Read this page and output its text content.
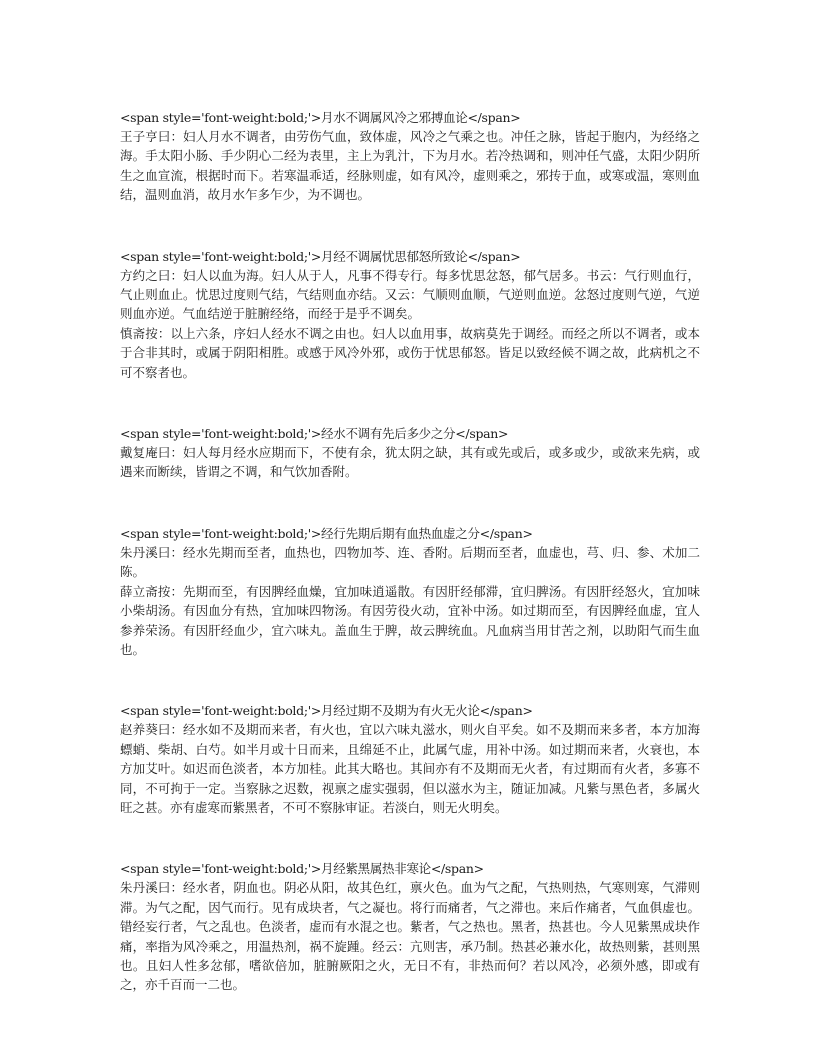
<span style='font-weight:bold;'>月水不调属风冷之邪搏血论</span>

王子亨曰：妇人月水不调者，由劳伤气血，致体虚，风冷之气乘之也。冲任之脉，皆起于胞内，为经络之海。手太阳小肠、手少阴心二经为表里，主上为乳汁，下为月水。若冷热调和，则冲任气盛，太阳少阴所生之血宣流，根据时而下。若寒温乖适，经脉则虚，如有风冷，虚则乘之，邪抟于血，或寒或温，寒则血结，温则血消，故月水乍多乍少，为不调也。

<span style='font-weight:bold;'>月经不调属忧思郁怒所致论</span>

方约之曰：妇人以血为海。妇人从于人，凡事不得专行。每多忧思忿怒，郁气居多。书云：气行则血行，气止则血止。忧思过度则气结，气结则血亦结。又云：气顺则血顺，气逆则血逆。忿怒过度则气逆，气逆则血亦逆。气血结逆于脏腑经络，而经于是乎不调矣。

慎斋按：以上六条，序妇人经水不调之由也。妇人以血用事，故病莫先于调经。而经之所以不调者，或本于合非其时，或属于阴阳相胜。或感于风冷外邪，或伤于忧思郁怒。皆足以致经候不调之故，此病机之不可不察者也。

<span style='font-weight:bold;'>经水不调有先后多少之分</span>

戴复庵曰：妇人每月经水应期而下，不使有余，犹太阴之缺，其有或先或后，或多或少，或欲来先病，或遇来而断续，皆谓之不调，和气饮加香附。

<span style='font-weight:bold;'>经行先期后期有血热血虚之分</span>

朱丹溪曰：经水先期而至者，血热也，四物加芩、连、香附。后期而至者，血虚也，芎、归、参、术加二陈。

薛立斋按：先期而至，有因脾经血燥，宜加味逍遥散。有因肝经郁滞，宜归脾汤。有因肝经怒火，宜加味小柴胡汤。有因血分有热，宜加味四物汤。有因劳役火动，宜补中汤。如过期而至，有因脾经血虚，宜人参养荣汤。有因肝经血少，宜六味丸。盖血生于脾，故云脾统血。凡血病当用甘苦之剂，以助阳气而生血也。

<span style='font-weight:bold;'>月经过期不及期为有火无火论</span>

赵养葵曰：经水如不及期而来者，有火也，宜以六味丸滋水，则火自平矣。如不及期而来多者，本方加海螵蛸、柴胡、白芍。如半月或十日而来，且绵延不止，此属气虚，用补中汤。如过期而来者，火衰也，本方加艾叶。如迟而色淡者，本方加桂。此其大略也。其间亦有不及期而无火者，有过期而有火者，多寡不同，不可拘于一定。当察脉之迟数，视禀之虚实强弱，但以滋水为主，随证加减。凡紫与黑色者，多属火旺之甚。亦有虚寒而紫黑者，不可不察脉审证。若淡白，则无火明矣。

<span style='font-weight:bold;'>月经紫黑属热非寒论</span>

朱丹溪曰：经水者，阴血也。阴必从阳，故其色红，禀火色。血为气之配，气热则热，气寒则寒，气滞则滞。为气之配，因气而行。见有成块者，气之凝也。将行而痛者，气之滞也。来后作痛者，气血俱虚也。错经妄行者，气之乱也。色淡者，虚而有水混之也。紫者，气之热也。黑者，热甚也。今人见紫黑成块作痛，率指为风冷乘之，用温热剂，祸不旋踵。经云：亢则害，承乃制。热甚必兼水化，故热则紫，甚则黑也。且妇人性多忿郁，嗜欲倍加，脏腑厥阳之火，无日不有，非热而何？若以风冷，必须外感，即或有之，亦千百而一二也。
